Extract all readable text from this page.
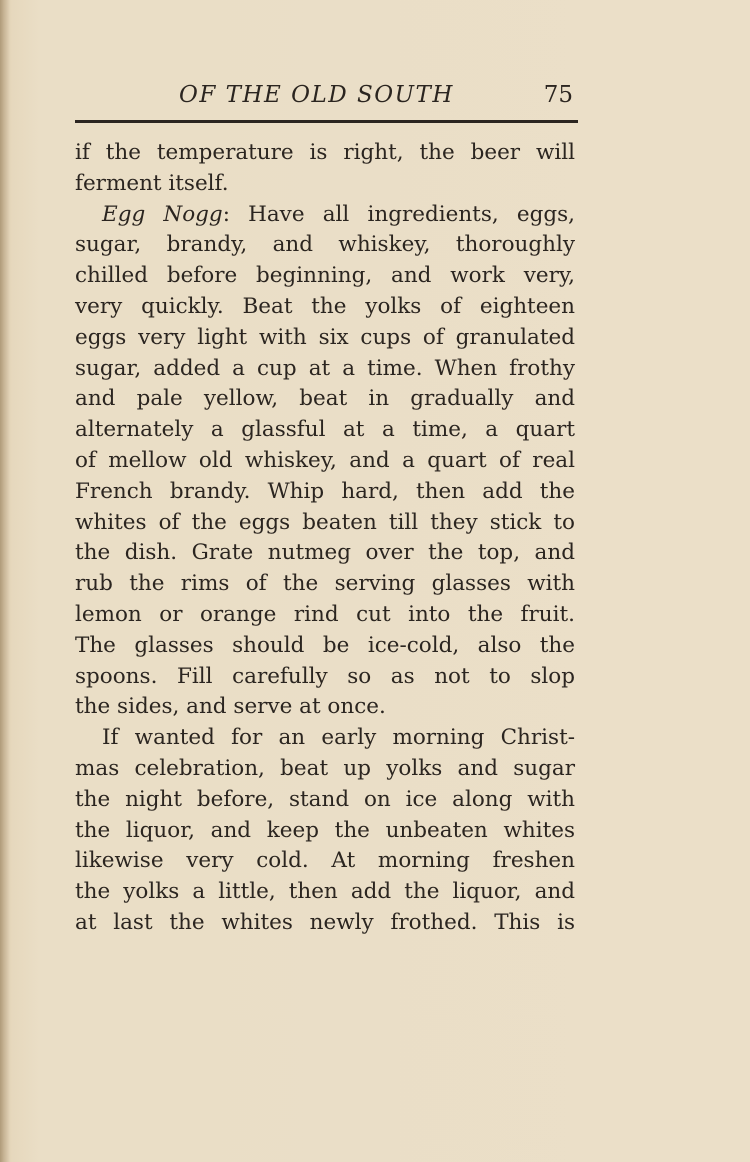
OF THE OLD SOUTH	75
if the temperature is right, the beer will
ferment itself.
Egg Nogg: Have all ingredients, eggs,
sugar, brandy, and whiskey, thoroughly
chilled before beginning, and work very,
very quickly. Beat the yolks of eighteen
eggs very light with six cups of granulated
sugar, added a cup at a time. When frothy
and pale yellow, beat in gradually and
alternately a glassful at a time, a quart
of mellow old whiskey, and a quart of real
French brandy. Whip hard, then add the
whites of the eggs beaten till they stick to
the dish. Grate nutmeg over the top, and
rub the rims of the serving glasses with
lemon or orange rind cut into the fruit.
The glasses should be ice-cold, also the
spoons. Fill carefully so as not to slop
the sides, and serve at once.
If wanted for an early morning Christ-
mas celebration, beat up yolks and sugar
the night before, stand on ice along with
the liquor, and keep the unbeaten whites
likewise very cold. At morning freshen
the yolks a little, then add the liquor, and
at last the whites newly frothed. This is
